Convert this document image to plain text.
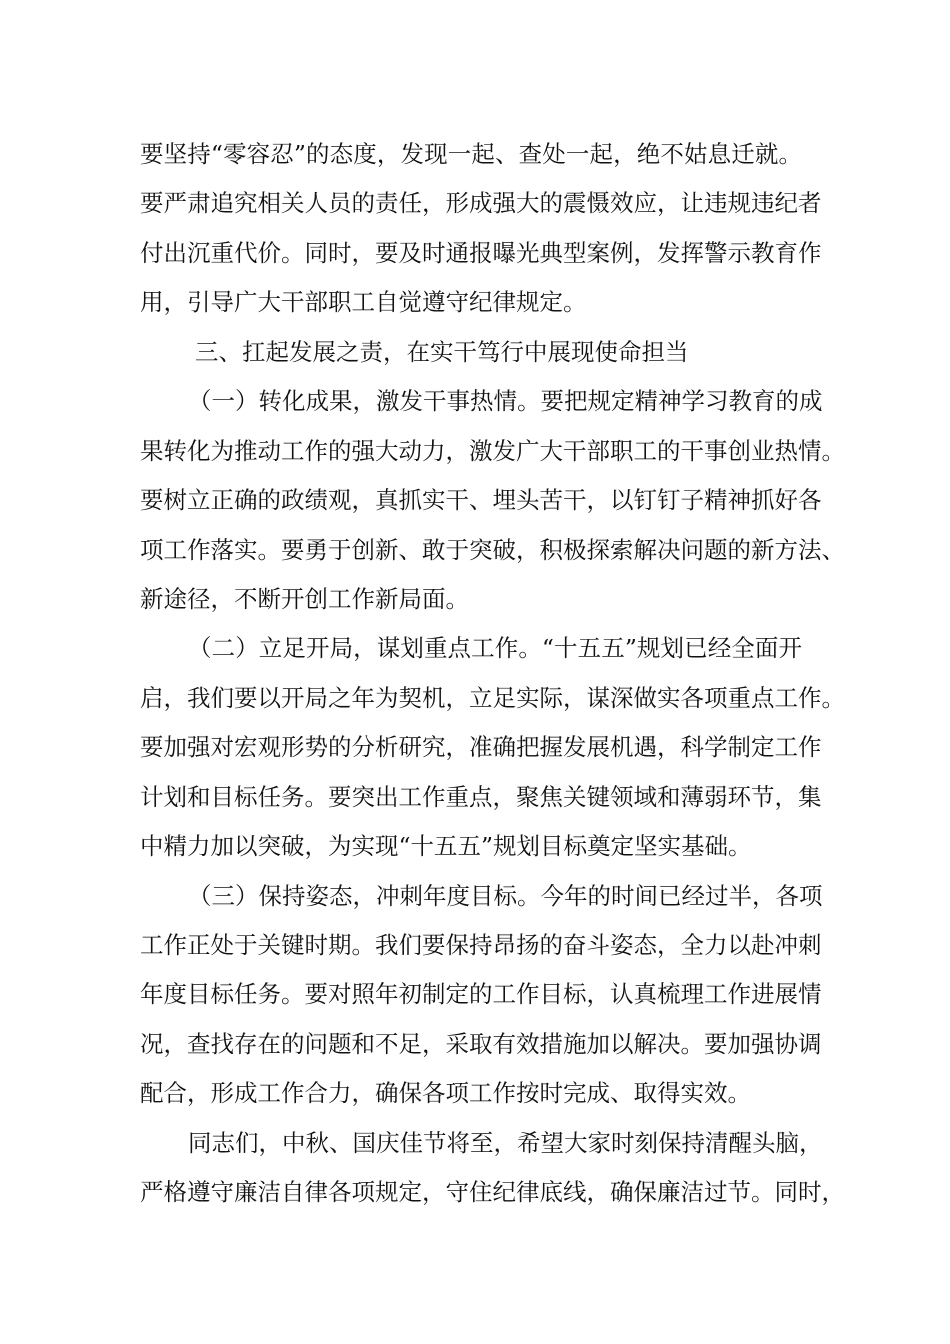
要坚持“零容忍”的态度，发现一起、查处一起，绝不姑息迁就。
要严肃追究相关人员的责任，形成强大的震慑效应，让违规违纪者
付出沉重代价。同时，要及时通报曝光典型案例，发挥警示教育作
用，引导广大干部职工自觉遵守纪律规定。
三、扛起发展之责，在实干笃行中展现使命担当
（一）转化成果，激发干事热情。要把规定精神学习教育的成
果转化为推动工作的强大动力，激发广大干部职工的干事创业热情。
要树立正确的政绩观，真抓实干、埋头苦干，以钉钉子精神抓好各
项工作落实。要勇于创新、敢于突破，积极探索解决问题的新方法、
新途径，不断开创工作新局面。
（二）立足开局，谋划重点工作。“十五五”规划已经全面开
启，我们要以开局之年为契机，立足实际，谋深做实各项重点工作。
要加强对宏观形势的分析研究，准确把握发展机遇，科学制定工作
计划和目标任务。要突出工作重点，聚焦关键领域和薄弱环节，集
中精力加以突破，为实现“十五五”规划目标奠定坚实基础。
（三）保持姿态，冲刺年度目标。今年的时间已经过半，各项
工作正处于关键时期。我们要保持昂扬的奋斗姿态，全力以赴冲刺
年度目标任务。要对照年初制定的工作目标，认真梳理工作进展情
况，查找存在的问题和不足，采取有效措施加以解决。要加强协调
配合，形成工作合力，确保各项工作按时完成、取得实效。
同志们，中秋、国庆佳节将至，希望大家时刻保持清醒头脑，
严格遵守廉洁自律各项规定，守住纪律底线，确保廉洁过节。同时，
